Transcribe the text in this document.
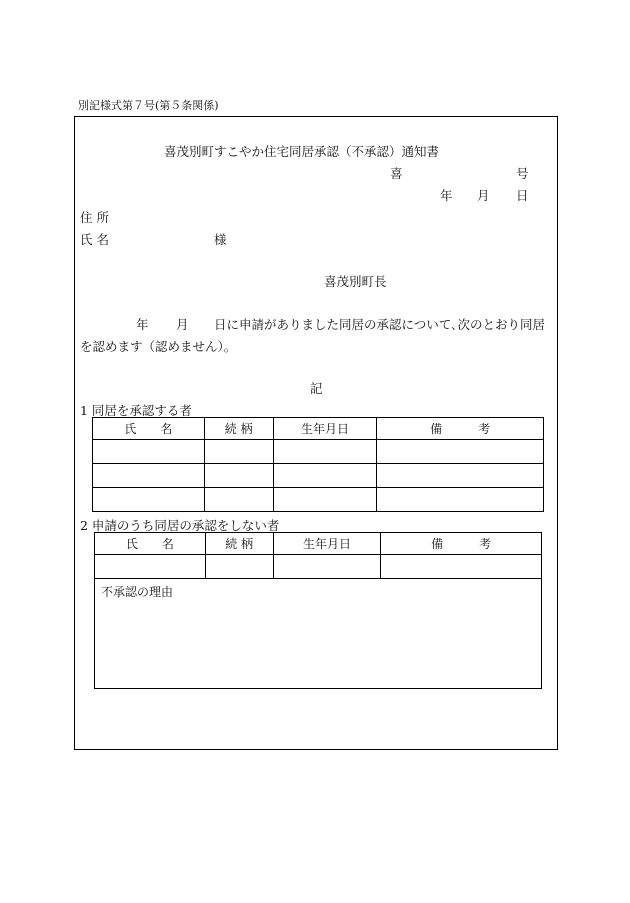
別記様式第７号(第５条関係)
喜茂別町すこやか住宅同居承認（不承認）通知書
喜	号
年 月 日
住 所
氏 名	様
喜茂別町長
年 月 日に申請がありました同居の承認について､次のとおり同居
を認めます（認めません）。
記
1 同居を承認する者
氏　　名	続 柄	生年月日	備　　　考

2 申請のうち同居の承認をしない者
氏　　名	続 柄	生年月日	備　　　考

不承認の理由
